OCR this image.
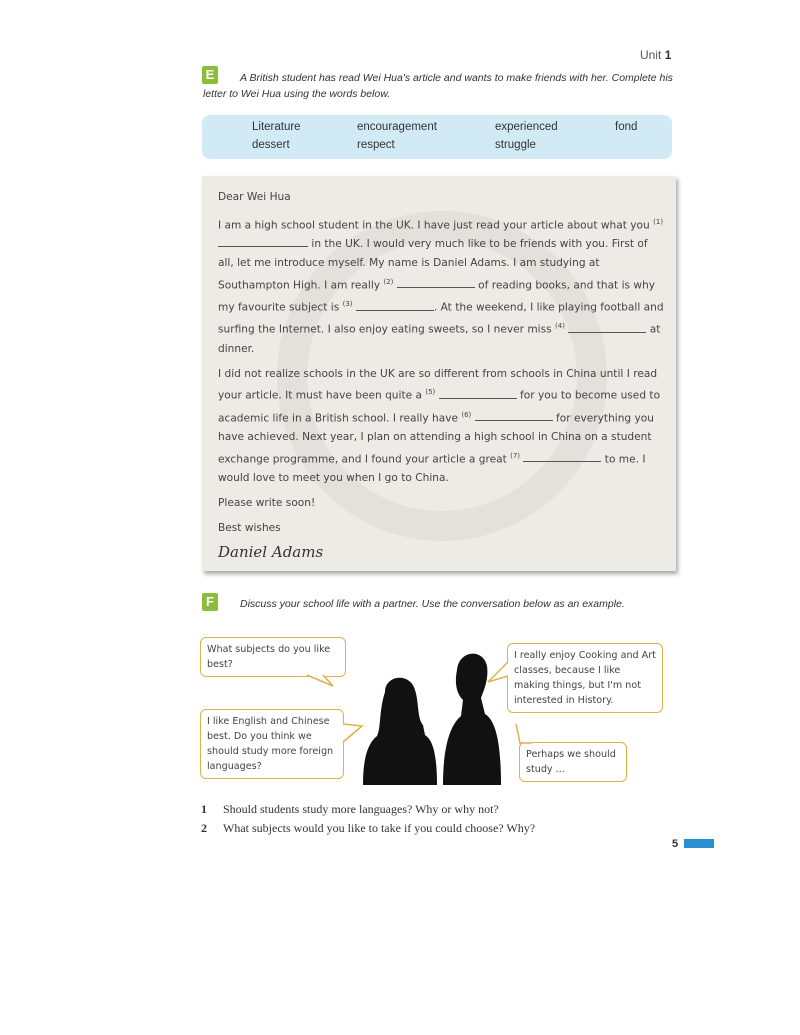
Unit 1
E	A British student has read Wei Hua's article and wants to make friends with her. Complete his letter to Wei Hua using the words below.
Literature	encouragement	experienced	fond
dessert	respect	struggle

Dear Wei Hua

I am a high school student in the UK. I have just read your article about what you $^{(1)}$  in the UK. I would very much like to be friends with you. First of all, let me introduce myself. My name is Daniel Adams. I am studying at Southampton High. I am really $^{(2)}$	of reading books, and that is why my favourite subject is $^{(3)}$	. At the weekend, I like playing football and surfing the Internet. I also enjoy eating sweets, so I never miss $^{(4)}$	at dinner.

I did not realize schools in the UK are so different from schools in China until I read your article. It must have been quite a $^{(5)}$	for you to become used to academic life in a British school. I really have $^{(6)}$	for everything you have achieved. Next year, I plan on attending a high school in China on a student exchange programme, and I found your article a great $^{(7)}$	to me. I would love to meet you when I go to China.

Please write soon!

Best wishes

Daniel Adams

F	Discuss your school life with a partner. Use the conversation below as an example.
What subjects do you like best?
I like English and Chinese best. Do you think we should study more foreign languages?
I really enjoy Cooking and Art classes, because I like making things, but I'm not interested in History.
Perhaps we should study ...
1 Should students study more languages? Why or why not?
2 What subjects would you like to take if you could choose? Why?
5
